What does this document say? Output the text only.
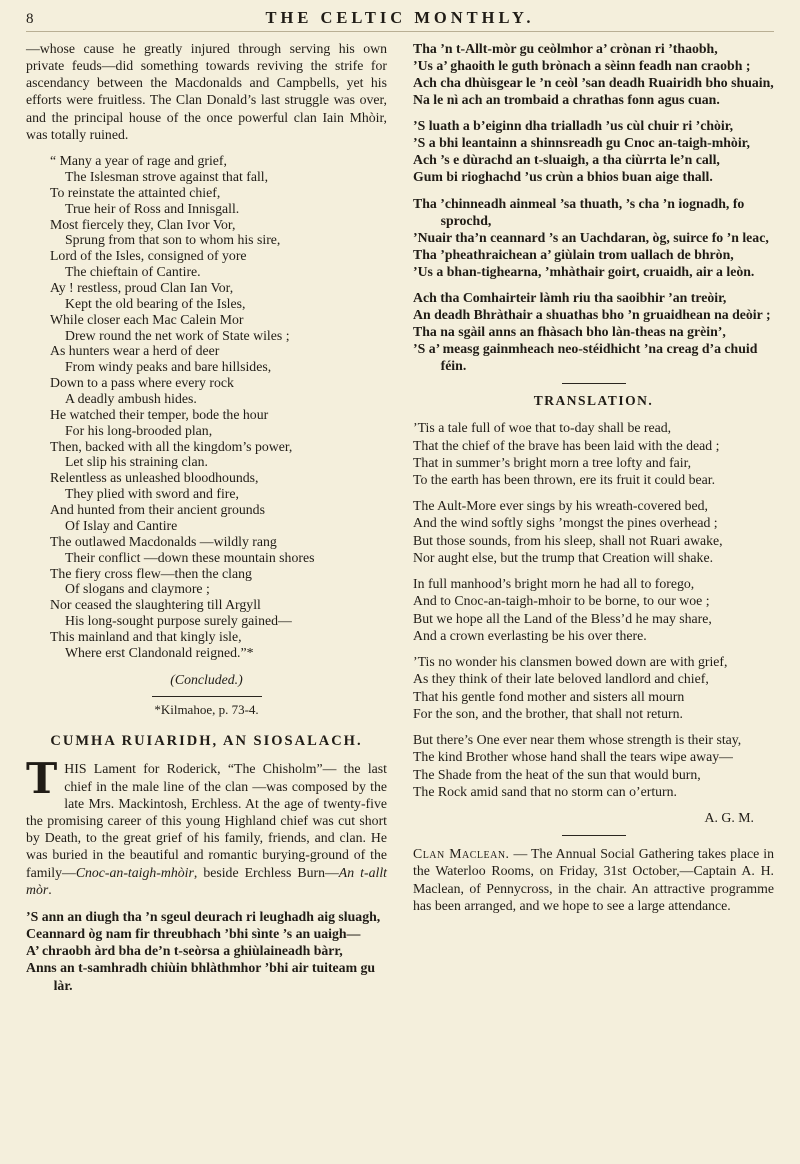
8	THE CELTIC MONTHLY.

—whose cause he greatly injured through serving his own private feuds—did something towards reviving the strife for ascendancy between the Macdonalds and Campbells, yet his efforts were fruitless. The Clan Donald’s last struggle was over, and the principal house of the once powerful clan Iain Mhòir, was totally ruined.

“ Many a year of rage and grief,
The Islesman strove against that fall,
To reinstate the attainted chief,
True heir of Ross and Innisgall.
Most fiercely they, Clan Ivor Vor,
Sprung from that son to whom his sire,
Lord of the Isles, consigned of yore
The chieftain of Cantire.
Ay ! restless, proud Clan Ian Vor,
Kept the old bearing of the Isles,
While closer each Mac Calein Mor
Drew round the net work of State wiles ;
As hunters wear a herd of deer
From windy peaks and bare hillsides,
Down to a pass where every rock
A deadly ambush hides.
He watched their temper, bode the hour
For his long-brooded plan,
Then, backed with all the kingdom’s power,
Let slip his straining clan.
Relentless as unleashed bloodhounds,
They plied with sword and fire,
And hunted from their ancient grounds
Of Islay and Cantire
The outlawed Macdonalds —wildly rang
Their conflict —down these mountain shores
The fiery cross flew—then the clang
Of slogans and claymore ;
Nor ceased the slaughtering till Argyll
His long-sought purpose surely gained—
This mainland and that kingly isle,
Where erst Clandonald reigned.”*
(Concluded.)
*Kilmahoe, p. 73-4.
CUMHA RUIARIDH, AN SIOSALACH.

THIS Lament for Roderick, “The Chisholm”— the last chief in the male line of the clan —was composed by the late Mrs. Mackintosh, Erchless. At the age of twenty-five the promising career of this young Highland chief was cut short by Death, to the great grief of his family, friends, and clan. He was buried in the beautiful and romantic burying-ground of the family—Cnoc-an-taigh-mhòir, beside Erchless Burn—An t-allt mòr.

’S ann an diugh tha ’n sgeul deurach ri leughadh aig sluagh,
Ceannard òg nam fir threubhach ’bhi sìnte ’s an uaigh—
A’ chraobh àrd bha de’n t-seòrsa a ghiùlaineadh bàrr,
Anns an t-samhradh chiùin bhlàthmhor ’bhi air tuiteam gu làr.
Tha ’n t-Allt-mòr gu ceòlmhor a’ crònan ri ’thaobh,
’Us a’ ghaoith le guth brònach a sèinn feadh nan craobh ;
Ach cha dhùisgear le ’n ceòl ’san deadh Ruairidh bho shuain,
Na le nì ach an trombaid a chrathas fonn agus cuan.
’S luath a b’eiginn dha trialladh ’us cùl chuir ri ’chòir,
’S a bhi leantainn a shinnsreadh gu Cnoc an-taigh-mhòir,
Ach ’s e dùrachd an t-sluaigh, a tha ciùrrta le’n call,
Gum bi rioghachd ’us crùn a bhios buan aige thall.
Tha ’chinneadh ainmeal ’sa thuath, ’s cha ’n iognadh, fo sprochd,
’Nuair tha’n ceannard ’s an Uachdaran, òg, suirce fo ’n leac,
Tha ’pheathraichean a’ giùlain trom uallach de bhròn,
’Us a bhan-tighearna, ’mhàthair goirt, cruaidh, air a leòn.
Ach tha Comhairteir làmh riu tha saoibhir ’an treòir,
An deadh Bhràthair a shuathas bho ’n gruaidhean na deòir ;
Tha na sgàil anns an fhàsach bho làn-theas na grèin’,
’S a’ measg gainmheach neo-stéidhicht ’na creag d’a chuid féin.
TRANSLATION.
’Tis a tale full of woe that to-day shall be read,
That the chief of the brave has been laid with the dead ;
That in summer’s bright morn a tree lofty and fair,
To the earth has been thrown, ere its fruit it could bear.
The Ault-More ever sings by his wreath-covered bed,
And the wind softly sighs ’mongst the pines overhead ;
But those sounds, from his sleep, shall not Ruari awake,
Nor aught else, but the trump that Creation will shake.
In full manhood’s bright morn he had all to forego,
And to Cnoc-an-taigh-mhoir to be borne, to our woe ;
But we hope all the Land of the Bless’d he may share,
And a crown everlasting be his over there.
’Tis no wonder his clansmen bowed down are with grief,
As they think of their late beloved landlord and chief,
That his gentle fond mother and sisters all mourn
For the son, and the brother, that shall not return.
But there’s One ever near them whose strength is their stay,
The kind Brother whose hand shall the tears wipe away—
The Shade from the heat of the sun that would burn,
The Rock amid sand that no storm can o’erturn.
A. G. M.

Clan Maclean. — The Annual Social Gathering takes place in the Waterloo Rooms, on Friday, 31st October,—Captain A. H. Maclean, of Pennycross, in the chair. An attractive programme has been arranged, and we hope to see a large attendance.
